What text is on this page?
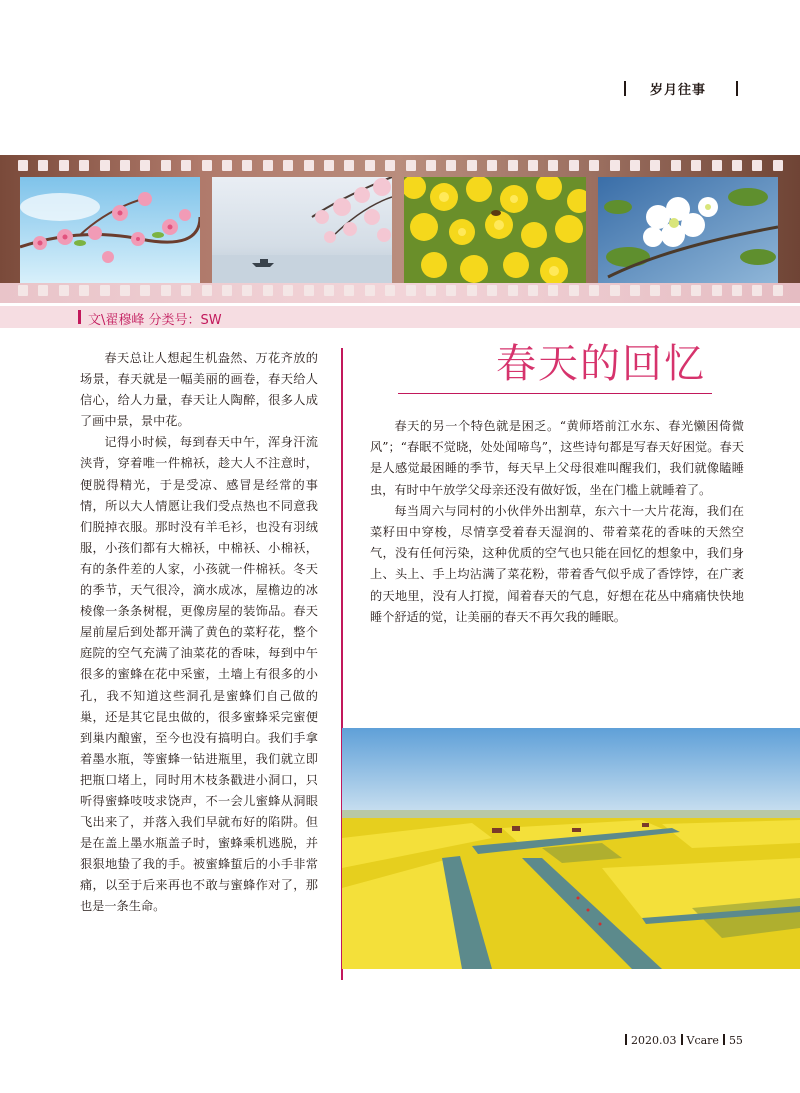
岁月往事
文\翟穆峰 分类号：SW

春天总让人想起生机盎然、万花齐放的场景，春天就是一幅美丽的画卷，春天给人信心，给人力量，春天让人陶醉，很多人成了画中景，景中花。

记得小时候，每到春天中午，浑身汗流浃背，穿着唯一件棉袄，趁大人不注意时，便脱得精光，于是受凉、感冒是经常的事情，所以大人情愿让我们受点热也不同意我们脱掉衣服。那时没有羊毛衫，也没有羽绒服，小孩们都有大棉袄，中棉袄、小棉袄，有的条件差的人家，小孩就一件棉袄。冬天的季节，天气很冷，滴水成冰，屋檐边的冰棱像一条条树棍，更像房屋的装饰品。春天屋前屋后到处都开满了黄色的菜籽花，整个庭院的空气充满了油菜花的香味，每到中午很多的蜜蜂在花中采蜜，土墙上有很多的小孔，我不知道这些洞孔是蜜蜂们自己做的巢，还是其它昆虫做的，很多蜜蜂采完蜜便到巢内酿蜜，至今也没有搞明白。我们手拿着墨水瓶，等蜜蜂一钻进瓶里，我们就立即把瓶口堵上，同时用木枝条戳进小洞口，只听得蜜蜂吱吱求饶声，不一会儿蜜蜂从洞眼飞出来了，并落入我们早就布好的陷阱。但是在盖上墨水瓶盖子时，蜜蜂乘机逃脱，并狠狠地蛰了我的手。被蜜蜂蜇后的小手非常痛，以至于后来再也不敢与蜜蜂作对了，那也是一条生命。

春天的回忆

春天的另一个特色就是困乏。“黄师塔前江水东、春光懒困倚微风”；“春眠不觉晓，处处闻啼鸟”，这些诗句都是写春天好困觉。春天是人感觉最困睡的季节，每天早上父母很难叫醒我们，我们就像瞌睡虫，有时中午放学父母亲还没有做好饭，坐在门槛上就睡着了。

每当周六与同村的小伙伴外出割草，东六十一大片花海，我们在菜籽田中穿梭，尽情享受着春天湿润的、带着菜花的香味的天然空气，没有任何污染，这种优质的空气也只能在回忆的想象中，我们身上、头上、手上均沾满了菜花粉，带着香气似乎成了香饽饽，在广袤的天地里，没有人打搅，闻着春天的气息，好想在花丛中痛痛快快地睡个舒适的觉，让美丽的春天不再欠我的睡眠。

2020.03 Vcare 55
